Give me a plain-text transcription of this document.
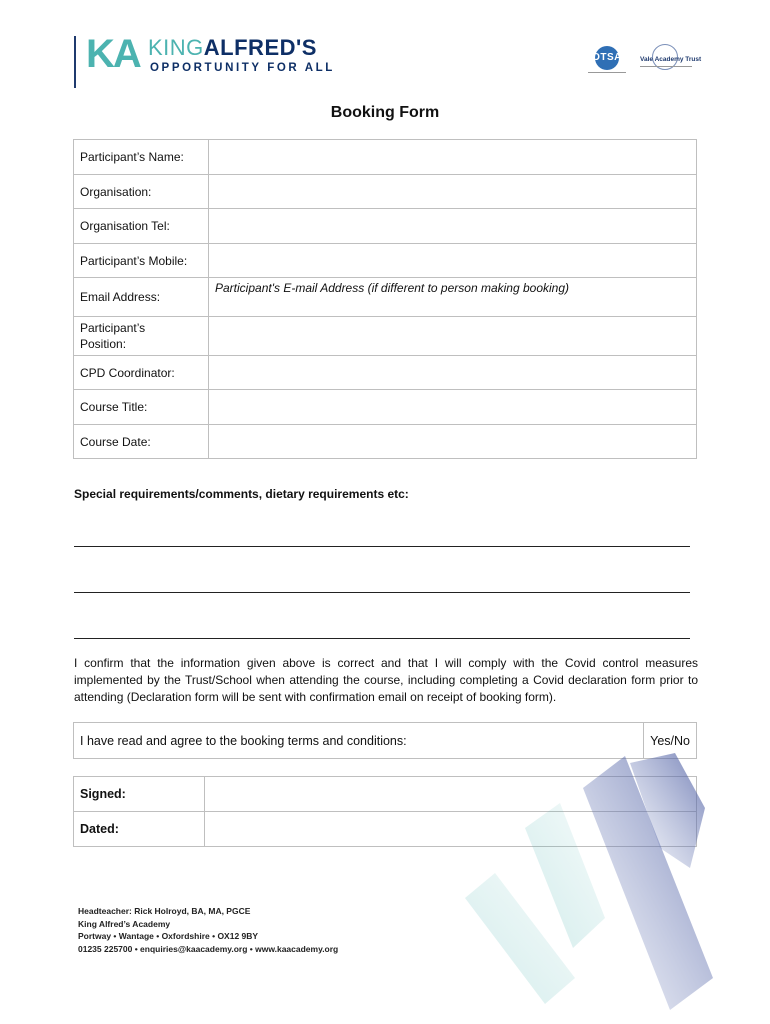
KA KINGALFRED'S
OPPORTUNITY FOR ALL
OTSA	Vale Academy Trust
Booking Form
Participant’s Name:	
Organisation:	
Organisation Tel:	
Participant’s Mobile:	
Email Address:	Participant's E-mail Address (if different to person making booking)
Participant’s
Position:	
CPD Coordinator:	
Course Title:	
Course Date:	
Special requirements/comments, dietary requirements etc:
I confirm that the information given above is correct and that I will comply with the Covid control measures implemented by the Trust/School when attending the course, including completing a Covid declaration form prior to attending (Declaration form will be sent with confirmation email on receipt of booking form).
I have read and agree to the booking terms and conditions:	Yes/No
Signed:	
Dated:	
Headteacher: Rick Holroyd, BA, MA, PGCE
King Alfred’s Academy
Portway • Wantage • Oxfordshire • OX12 9BY
01235 225700 • enquiries@kaacademy.org • www.kaacademy.org
